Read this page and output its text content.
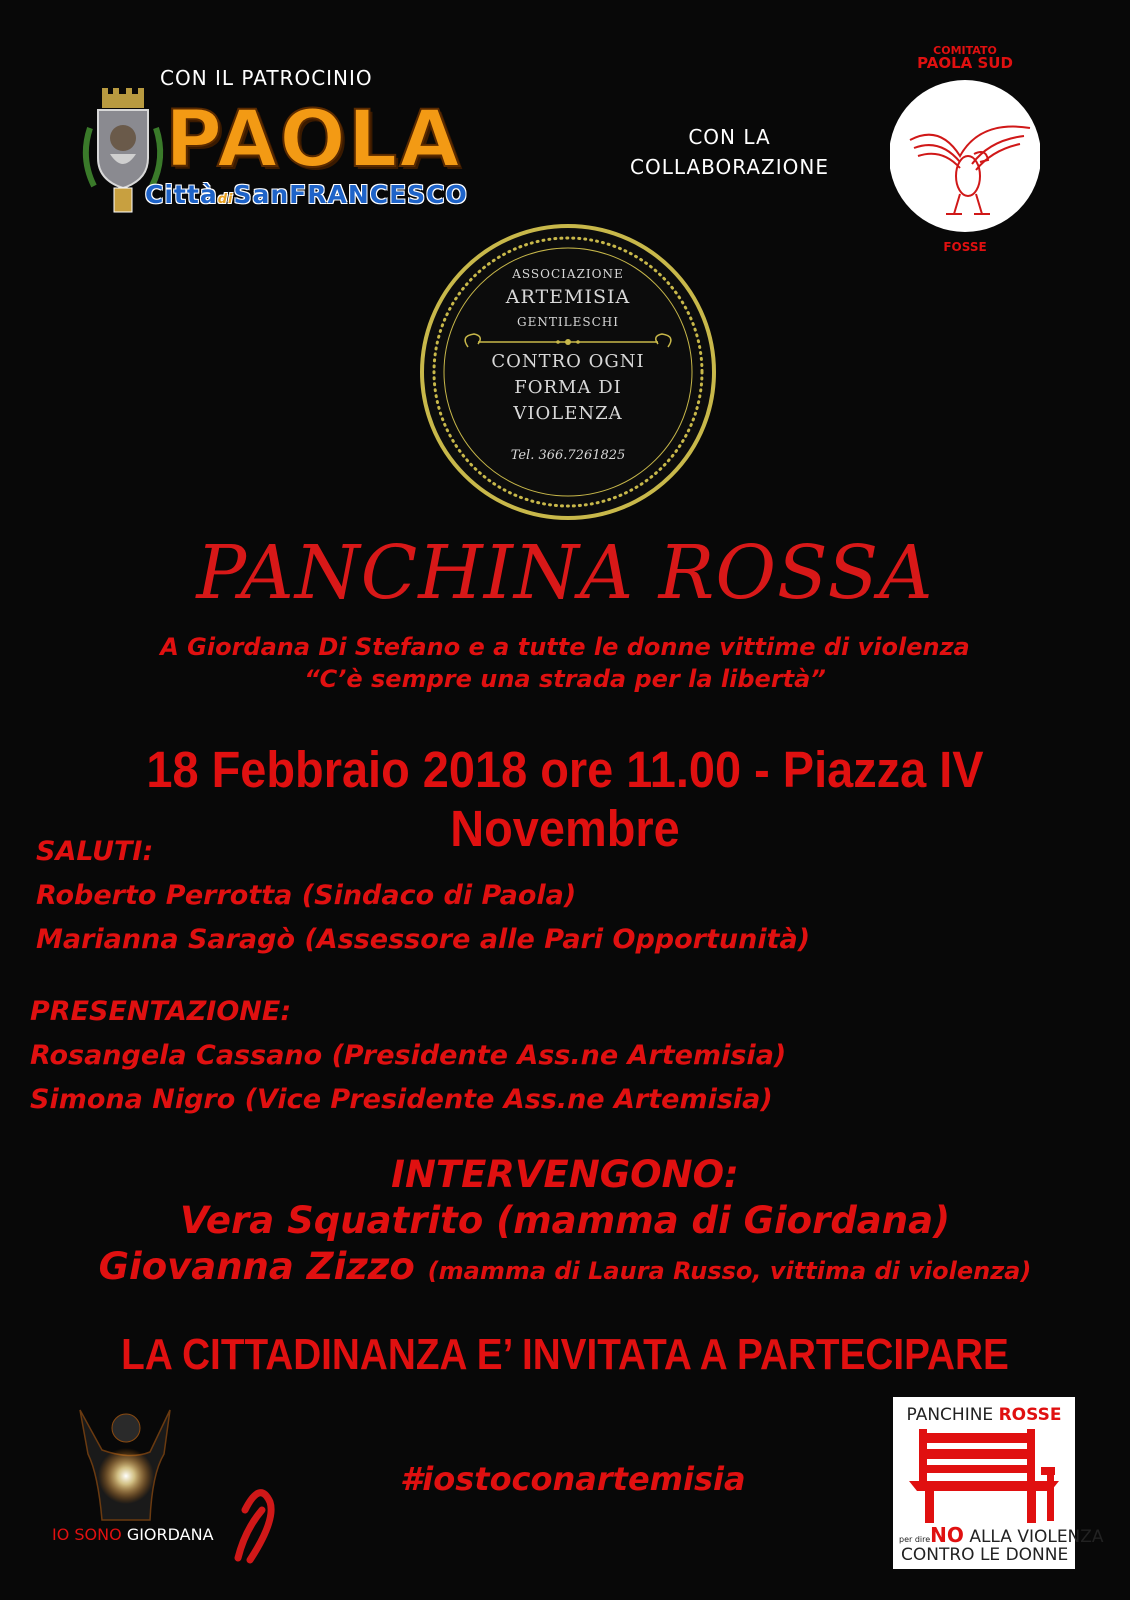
CON IL PATROCINIO
PAOLA
CittàdiSanFRANCESCO
CON LA
COLLABORAZIONE
COMITATO
PAOLA SUD
FOSSE
ASSOCIAZIONE
ARTEMISIA
GENTILESCHI
CONTRO OGNI
FORMA DI
VIOLENZA
Tel. 366.7261825
PANCHINA ROSSA
A Giordana Di Stefano e a tutte le donne vittime di violenza
“C’è sempre una strada per la libertà”
18 Febbraio 2018 ore 11.00 - Piazza IV Novembre
SALUTI:
Roberto Perrotta (Sindaco di Paola)
Marianna Saragò (Assessore alle Pari Opportunità)
PRESENTAZIONE:
Rosangela Cassano (Presidente Ass.ne Artemisia)
Simona Nigro (Vice Presidente Ass.ne Artemisia)
INTERVENGONO:
Vera Squatrito (mamma di Giordana)
Giovanna Zizzo (mamma di Laura Russo, vittima di violenza)
LA CITTADINANZA E’ INVITATA A PARTECIPARE
IO SONO GIORDANA
#iostoconartemisia
PANCHINE ROSSE
per direNO ALLA VIOLENZA
CONTRO LE DONNE
